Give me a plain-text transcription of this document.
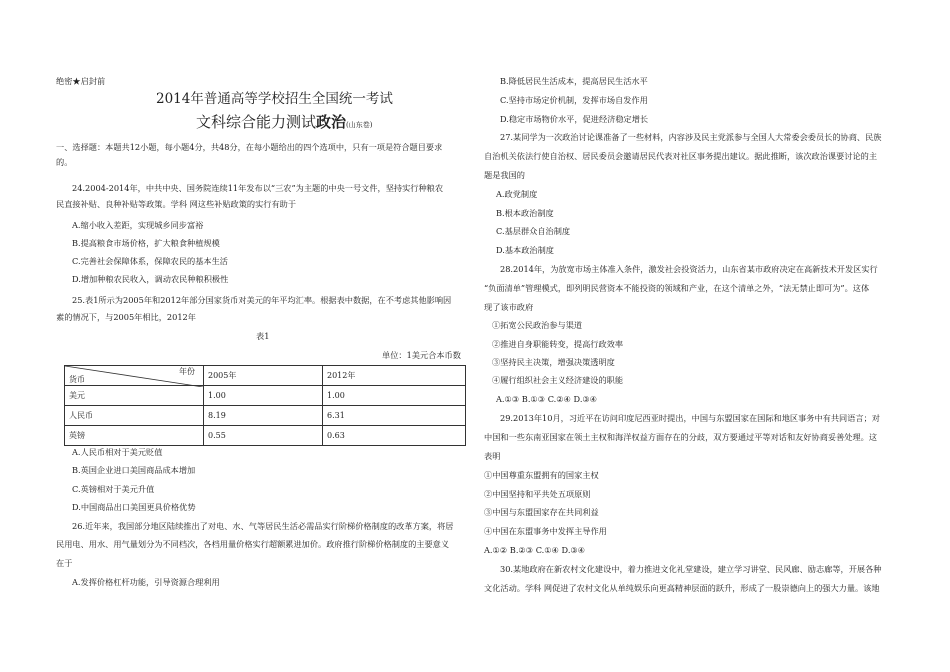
绝密★启封前
2014年普通高等学校招生全国统一考试
文科综合能力测试政治(山东卷)
一、选择题：本题共12小题，每小题4分，共48分，在每小题给出的四个选项中，只有一项是符合题目要求
的。
24.2004-2014年，中共中央、国务院连续11年发布以“三农”为主题的中央一号文件，坚持实行种粮农
民直接补贴、良种补贴等政策。学科 网这些补贴政策的实行有助于
A.缩小收入差距，实现城乡同步富裕
B.提高粮食市场价格，扩大粮食种植规模
C.完善社会保障体系，保障农民的基本生活
D.增加种粮农民收入，调动农民种粮积极性
25.表1所示为2005年和2012年部分国家货币对美元的年平均汇率。根据表中数据，在不考虑其他影响因
素的情况下，与2005年相比，2012年
表1
单位：1美元合本币数
年份
货币	2005年	2012年
美元	1.00	1.00
人民币	8.19	6.31
英镑	0.55	0.63
A.人民币相对于美元贬值
B.英国企业进口美国商品成本增加
C.英镑相对于美元升值
D.中国商品出口美国更具价格优势
26.近年来，我国部分地区陆续推出了对电、水、气等居民生活必需品实行阶梯价格制度的改革方案，将居
民用电、用水、用气量划分为不同档次，各档用量价格实行超额累进加价。政府推行阶梯价格制度的主要意义
在于
A.发挥价格杠杆功能，引导资源合理利用
B.降低居民生活成本，提高居民生活水平
C.坚持市场定价机制，发挥市场自发作用
D.稳定市场物价水平，促进经济稳定增长
27.某同学为一次政治讨论课准备了一些材料，内容涉及民主党派参与全国人大常委会委员长的协商、民族
自治机关依法行使自治权、居民委员会邀请居民代表对社区事务提出建议。据此推断，该次政治课要讨论的主
题是我国的
A.政党制度
B.根本政治制度
C.基层群众自治制度
D.基本政治制度
28.2014年，为放宽市场主体准入条件，激发社会投资活力，山东省某市政府决定在高新技术开发区实行
“负面清单”管理模式，即列明民营资本不能投资的领域和产业，在这个清单之外，“法无禁止即可为”。这体
现了该市政府
①拓宽公民政治参与渠道
②推进自身职能转变，提高行政效率
③坚持民主决策，增强决策透明度
④履行组织社会主义经济建设的职能
A.①③ B.①③ C.②④ D.③④
29.2013年10月，习近平在访问印度尼西亚时提出，中国与东盟国家在国际和地区事务中有共同语言；对
中国和一些东南亚国家在领土主权和海洋权益方面存在的分歧，双方要通过平等对话和友好协商妥善处理。这
表明
①中国尊重东盟拥有的国家主权
②中国坚持和平共处五项原则
③中国与东盟国家存在共同利益
④中国在东盟事务中发挥主导作用
A.①② B.②③ C.①④ D.③④
30.某地政府在新农村文化建设中，着力推进文化礼堂建设，建立学习讲堂、民风廊、励志廊等，开展各种
文化活动。学科 网促进了农村文化从单纯娱乐向更高精神层面的跃升，形成了一股崇德向上的强大力量。该地
